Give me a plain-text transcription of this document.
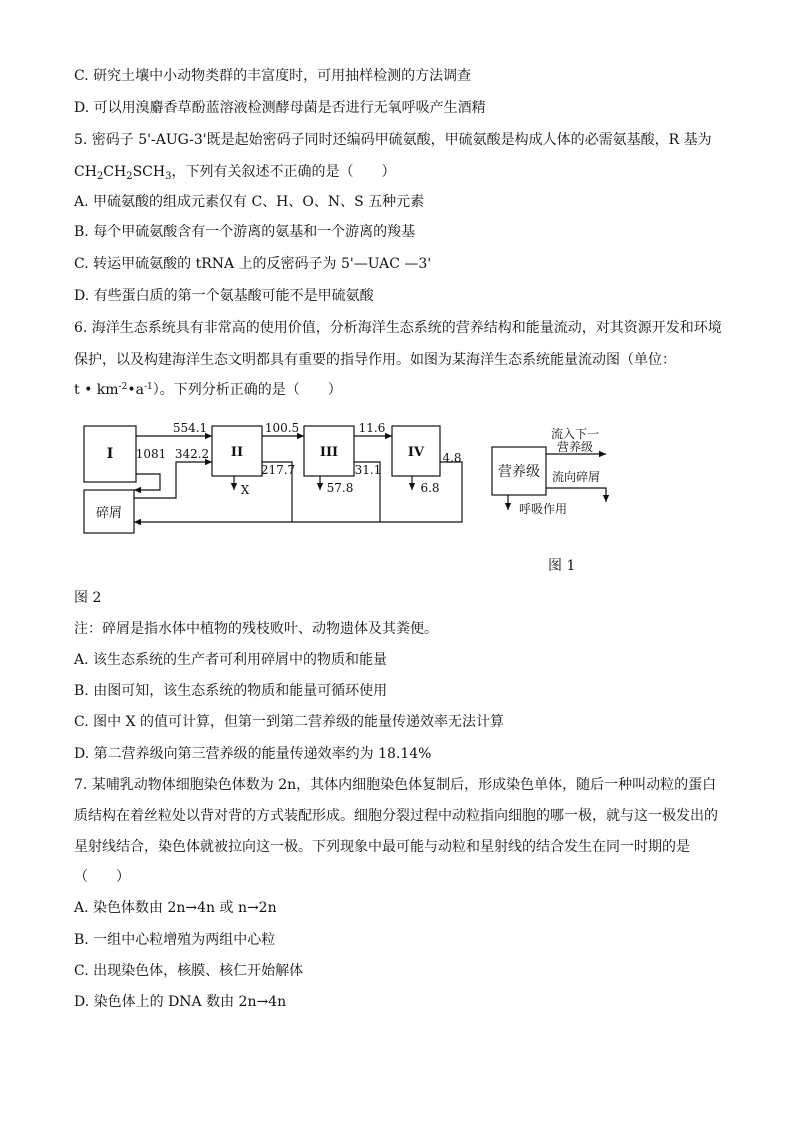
C. 研究土壤中小动物类群的丰富度时，可用抽样检测的方法调查
D. 可以用溴麝香草酚蓝溶液检测酵母菌是否进行无氧呼吸产生酒精
5. 密码子 5'-AUG-3'既是起始密码子同时还编码甲硫氨酸，甲硫氨酸是构成人体的必需氨基酸，R 基为
$CH_2CH_2SCH_3$，下列有关叙述不正确的是（　　）
A. 甲硫氨酸的组成元素仅有 C、H、O、N、S 五种元素
B. 每个甲硫氨酸含有一个游离的氨基和一个游离的羧基
C. 转运甲硫氨酸的 tRNA 上的反密码子为 5'—UAC —3'
D. 有些蛋白质的第一个氨基酸可能不是甲硫氨酸
6. 海洋生态系统具有非常高的使用价值，分析海洋生态系统的营养结构和能量流动，对其资源开发和环境
保护，以及构建海洋生态文明都具有重要的指导作用。如图为某海洋生态系统能量流动图（单位：
t • $km^{-2}•a^{-1}$）。下列分析正确的是（　　）
I	II	III	IV
碎屑
554.1
1081 342.2
100.5
217.7
X
11.6
31.1
57.8
4.8
6.8
营养级
流入下一
营养级
流向碎屑
呼吸作用
图 1
图 2
注：碎屑是指水体中植物的残枝败叶、动物遗体及其粪便。
A. 该生态系统的生产者可利用碎屑中的物质和能量
B. 由图可知，该生态系统的物质和能量可循环使用
C. 图中 X 的值可计算，但第一到第二营养级的能量传递效率无法计算
D. 第二营养级向第三营养级的能量传递效率约为 18.14%
7. 某哺乳动物体细胞染色体数为 2n，其体内细胞染色体复制后，形成染色单体，随后一种叫动粒的蛋白
质结构在着丝粒处以背对背的方式装配形成。细胞分裂过程中动粒指向细胞的哪一极，就与这一极发出的
星射线结合，染色体就被拉向这一极。下列现象中最可能与动粒和星射线的结合发生在同一时期的是
（　　）
A. 染色体数由 2n→4n 或 n→2n
B. 一组中心粒增殖为两组中心粒
C. 出现染色体，核膜、核仁开始解体
D. 染色体上的 DNA 数由 2n→4n
